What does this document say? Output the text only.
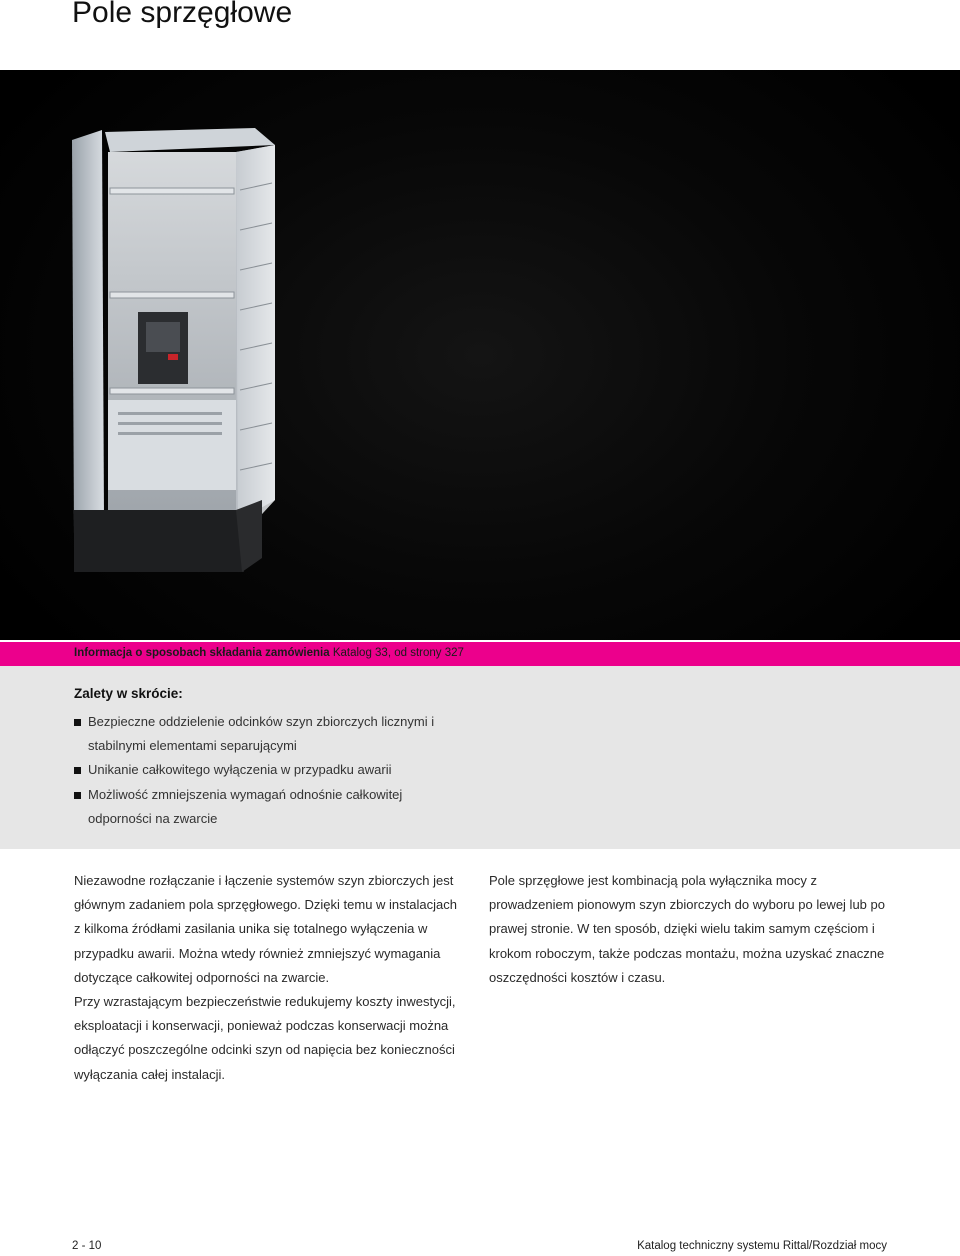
Pole sprzęgłowe
Informacja o sposobach składania zamówienia Katalog 33, od strony 327
Zalety w skrócie:
Bezpieczne oddzielenie odcinków szyn zbiorczych licznymi i stabilnymi elementami separującymi
Unikanie całkowitego wyłączenia w przypadku awarii
Możliwość zmniejszenia wymagań odnośnie całkowitej odporności na zwarcie

Niezawodne rozłączanie i łączenie systemów szyn zbiorczych jest głównym zadaniem pola sprzęgłowego. Dzięki temu w instalacjach z kilkoma źródłami zasilania unika się totalnego wyłączenia w przypadku awarii. Można wtedy również zmniejszyć wymagania dotyczące całkowitej odporności na zwarcie.

Przy wzrastającym bezpieczeństwie redukujemy koszty inwestycji, eksploatacji i konserwacji, ponieważ podczas konserwacji można odłączyć poszczególne odcinki szyn od napięcia bez konieczności wyłączania całej instalacji.

Pole sprzęgłowe jest kombinacją pola wyłącznika mocy z prowadzeniem pionowym szyn zbiorczych do wyboru po lewej lub po prawej stronie. W ten sposób, dzięki wielu takim samym częściom i krokom roboczym, także podczas montażu, można uzyskać znaczne oszczędności kosztów i czasu.

2 - 10	Katalog techniczny systemu Rittal/Rozdział mocy
